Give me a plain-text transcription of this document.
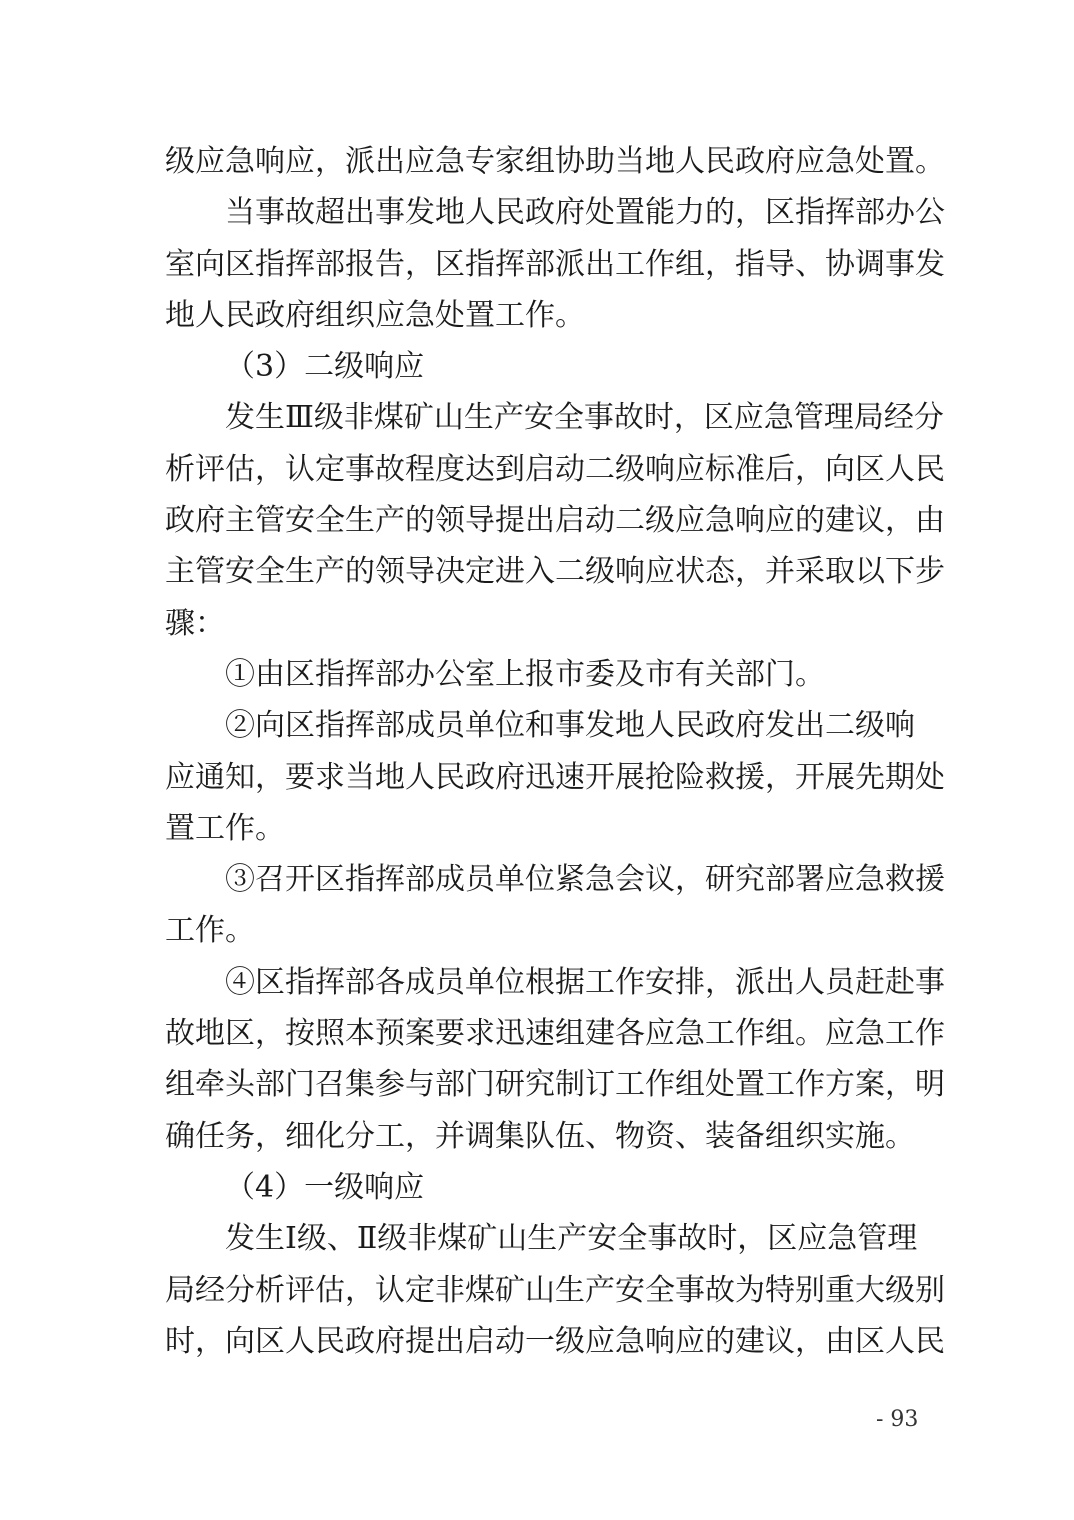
级应急响应，派出应急专家组协助当地人民政府应急处置。
当事故超出事发地人民政府处置能力的，区指挥部办公
室向区指挥部报告，区指挥部派出工作组，指导、协调事发
地人民政府组织应急处置工作。
（3）二级响应
发生Ⅲ级非煤矿山生产安全事故时，区应急管理局经分
析评估，认定事故程度达到启动二级响应标准后，向区人民
政府主管安全生产的领导提出启动二级应急响应的建议，由
主管安全生产的领导决定进入二级响应状态，并采取以下步
骤：
①由区指挥部办公室上报市委及市有关部门。
②向区指挥部成员单位和事发地人民政府发出二级响
应通知，要求当地人民政府迅速开展抢险救援，开展先期处
置工作。
③召开区指挥部成员单位紧急会议，研究部署应急救援
工作。
④区指挥部各成员单位根据工作安排，派出人员赶赴事
故地区，按照本预案要求迅速组建各应急工作组。应急工作
组牵头部门召集参与部门研究制订工作组处置工作方案，明
确任务，细化分工，并调集队伍、物资、装备组织实施。
（4）一级响应
发生Ⅰ级、Ⅱ级非煤矿山生产安全事故时，区应急管理
局经分析评估，认定非煤矿山生产安全事故为特别重大级别
时，向区人民政府提出启动一级应急响应的建议，由区人民
- 93
